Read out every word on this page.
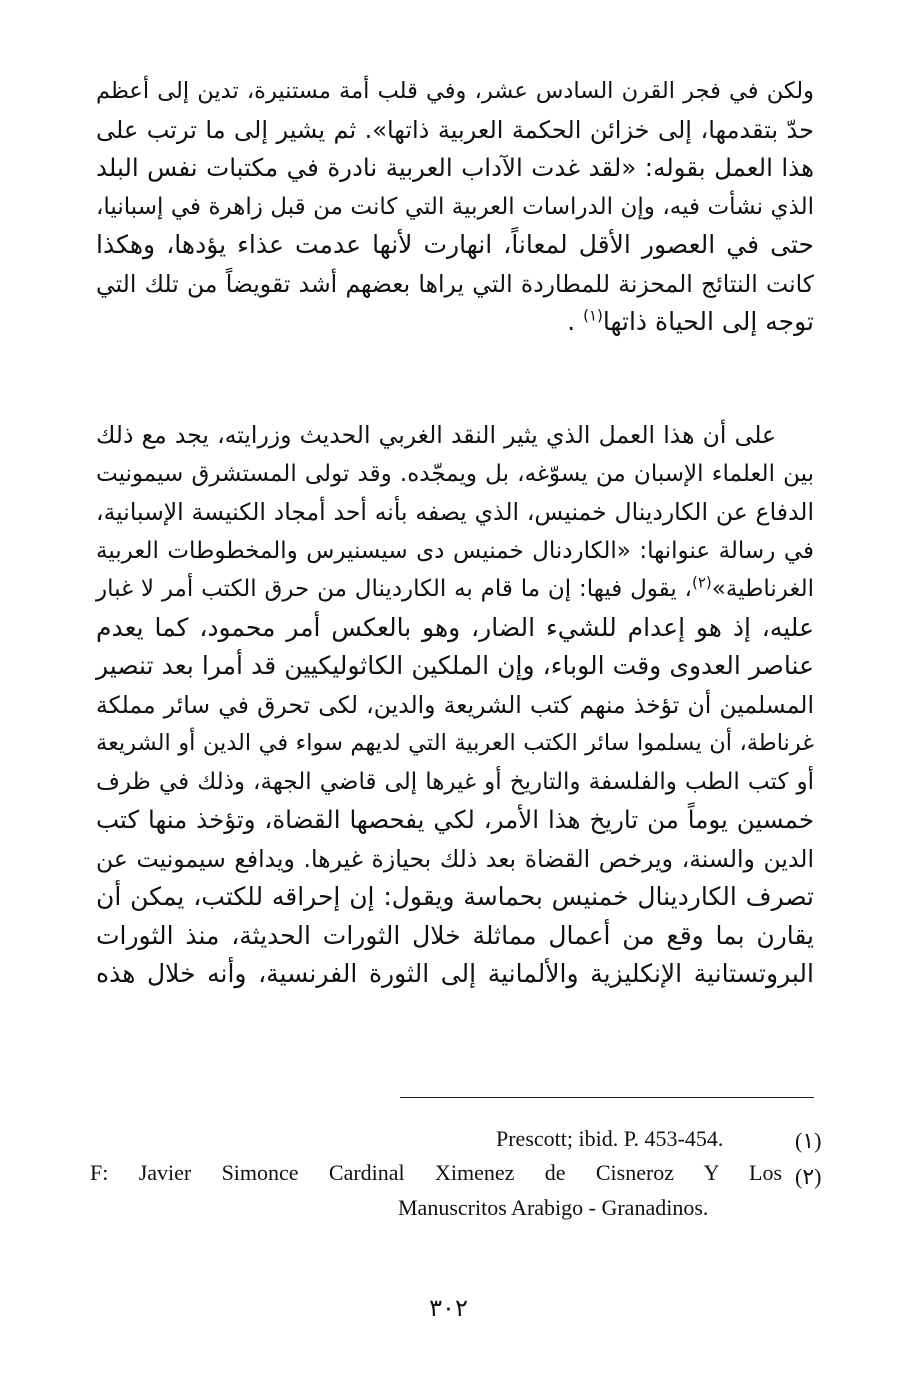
ولكن في فجر القرن السادس عشر، وفي قلب أمة مستنيرة، تدين إلى أعظم
حدّ بتقدمها، إلى خزائن الحكمة العربية ذاتها». ثم يشير إلى ما ترتب على
هذا العمل بقوله: «لقد غدت الآداب العربية نادرة في مكتبات نفس البلد
الذي نشأت فيه، وإن الدراسات العربية التي كانت من قبل زاهرة في إسبانيا،
حتى في العصور الأقل لمعاناً، انهارت لأنها عدمت عذاء يؤدها، وهكذا
كانت النتائج المحزنة للمطاردة التي يراها بعضهم أشد تقويضاً من تلك التي
توجه إلى الحياة ذاتها$^{(١)}$ .
على أن هذا العمل الذي يثير النقد الغربي الحديث وزرايته، يجد مع ذلك
بين العلماء الإسبان من يسوّغه، بل ويمجّده. وقد تولى المستشرق سيمونيت
الدفاع عن الكاردينال خمنيس، الذي يصفه بأنه أحد أمجاد الكنيسة الإسبانية،
في رسالة عنوانها: «الكاردنال خمنيس دى سيسنيرس والمخطوطات العربية
الغرناطية»$^{(٢)}$، يقول فيها: إن ما قام به الكاردينال من حرق الكتب أمر لا غبار
عليه، إذ هو إعدام للشيء الضار، وهو بالعكس أمر محمود، كما يعدم
عناصر العدوى وقت الوباء، وإن الملكين الكاثوليكيين قد أمرا بعد تنصير
المسلمين أن تؤخذ منهم كتب الشريعة والدين، لكى تحرق في سائر مملكة
غرناطة، أن يسلموا سائر الكتب العربية التي لديهم سواء في الدين أو الشريعة
أو كتب الطب والفلسفة والتاريخ أو غيرها إلى قاضي الجهة، وذلك في ظرف
خمسين يوماً من تاريخ هذا الأمر، لكي يفحصها القضاة، وتؤخذ منها كتب
الدين والسنة، ويرخص القضاة بعد ذلك بحيازة غيرها. ويدافع سيمونيت عن
تصرف الكاردينال خمنيس بحماسة ويقول: إن إحراقه للكتب، يمكن أن
يقارن بما وقع من أعمال مماثلة خلال الثورات الحديثة، منذ الثورات
البروتستانية الإنكليزية والألمانية إلى الثورة الفرنسية، وأنه خلال هذه
(١)
Prescott; ibid. P. 453-454.
(٢)
F: Javier Simonce Cardinal Ximenez de Cisneroz Y Los
Manuscritos Arabigo - Granadinos.
٣٠٢
